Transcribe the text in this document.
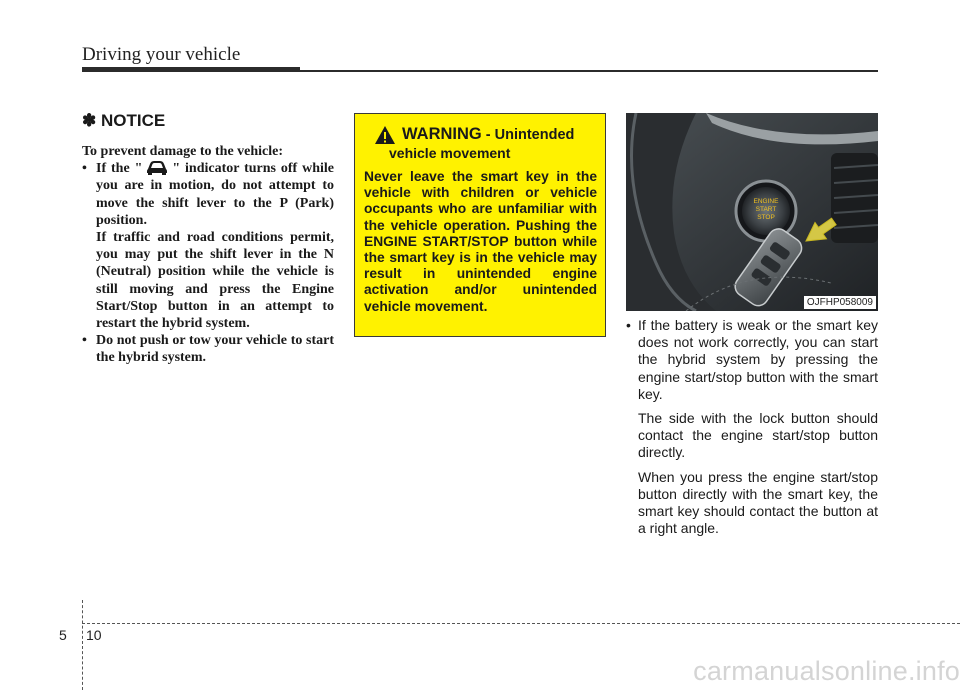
Driving your vehicle
✽ NOTICE

To prevent damage to the vehicle:

• If the " " indicator turns off while you are in motion, do not attempt to move the shift lever to the P (Park) position.

If traffic and road conditions permit, you may put the shift lever in the N (Neutral) position while the vehicle is still moving and press the Engine Start/Stop button in an attempt to restart the hybrid system.

• Do not push or tow your vehicle to start the hybrid system.
WARNING - Unintended
vehicle movement
Never leave the smart key in the vehicle with children or vehicle occupants who are unfamiliar with the vehicle operation. Pushing the ENGINE START/STOP button while the smart key is in the vehicle may result in unintended engine activation and/or unintended vehicle movement.
ENGINE
START
STOP
OJFHP058009
• If the battery is weak or the smart key does not work correctly, you can start the hybrid system by pressing the engine start/stop button with the smart key.

The side with the lock button should contact the engine start/stop button directly.

When you press the engine start/stop button directly with the smart key, the smart key should contact the button at a right angle.

5 10
carmanualsonline.info
